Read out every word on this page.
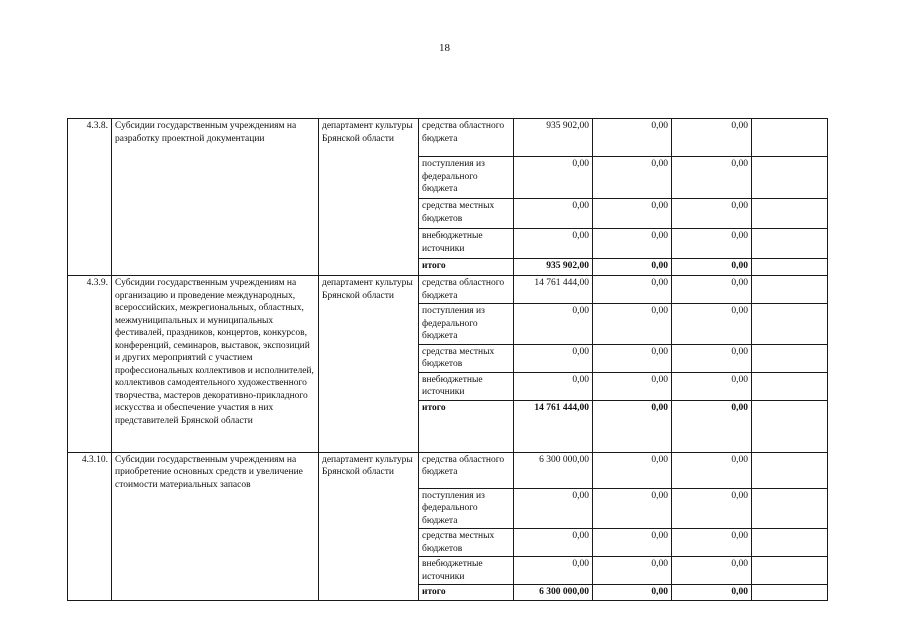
18
4.3.8.	Субсидии государственным учреждениям на разработку проектной документации	департамент культуры Брянской области	средства областного бюджета	935 902,00	0,00	0,00	
			поступления из федерального бюджета	0,00	0,00	0,00	
			средства местных бюджетов	0,00	0,00	0,00	
			внебюджетные источники	0,00	0,00	0,00	
			итого	935 902,00	0,00	0,00	
4.3.9.	Субсидии государственным учреждениям на организацию и проведение международных, всероссийских, межрегиональных, областных, межмуниципальных и муниципальных фестивалей, праздников, концертов, конкурсов, конференций, семинаров, выставок, экспозиций и других мероприятий с участием профессиональных коллективов и исполнителей, коллективов самодеятельного художественного творчества, мастеров декоративно-прикладного искусства и обеспечение участия в них представителей Брянской области	департамент культуры Брянской области	средства областного бюджета	14 761 444,00	0,00	0,00	
			поступления из федерального бюджета	0,00	0,00	0,00	
			средства местных бюджетов	0,00	0,00	0,00	
			внебюджетные источники	0,00	0,00	0,00	
			итого	14 761 444,00	0,00	0,00	
4.3.10.	Субсидии государственным учреждениям на приобретение основных средств и увеличение стоимости материальных запасов	департамент культуры Брянской области	средства областного бюджета	6 300 000,00	0,00	0,00	
			поступления из федерального бюджета	0,00	0,00	0,00	
			средства местных бюджетов	0,00	0,00	0,00	
			внебюджетные источники	0,00	0,00	0,00	
			итого	6 300 000,00	0,00	0,00	
